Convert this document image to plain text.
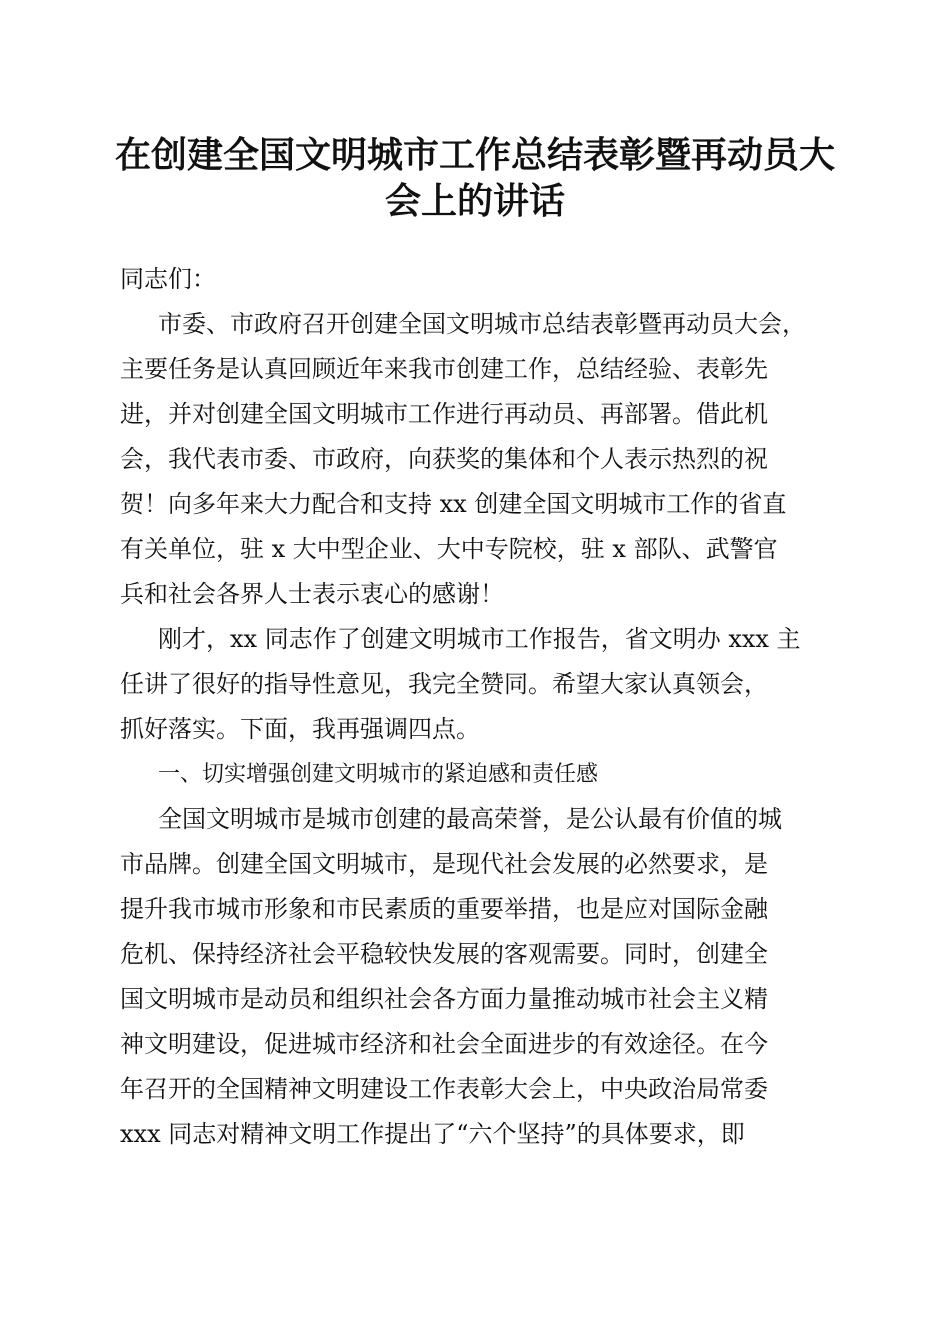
在创建全国文明城市工作总结表彰暨再动员大
会上的讲话

同志们：

市委、市政府召开创建全国文明城市总结表彰暨再动员大会，
主要任务是认真回顾近年来我市创建工作，总结经验、表彰先
进，并对创建全国文明城市工作进行再动员、再部署。借此机
会，我代表市委、市政府，向获奖的集体和个人表示热烈的祝
贺！向多年来大力配合和支持 xx 创建全国文明城市工作的省直
有关单位，驻 x 大中型企业、大中专院校，驻 x 部队、武警官
兵和社会各界人士表示衷心的感谢！
刚才，xx 同志作了创建文明城市工作报告，省文明办 xxx 主
任讲了很好的指导性意见，我完全赞同。希望大家认真领会，
抓好落实。下面，我再强调四点。

一、切实增强创建文明城市的紧迫感和责任感

全国文明城市是城市创建的最高荣誉，是公认最有价值的城
市品牌。创建全国文明城市，是现代社会发展的必然要求，是
提升我市城市形象和市民素质的重要举措，也是应对国际金融
危机、保持经济社会平稳较快发展的客观需要。同时，创建全
国文明城市是动员和组织社会各方面力量推动城市社会主义精
神文明建设，促进城市经济和社会全面进步的有效途径。在今
年召开的全国精神文明建设工作表彰大会上，中央政治局常委
xxx 同志对精神文明工作提出了“六个坚持”的具体要求，即
